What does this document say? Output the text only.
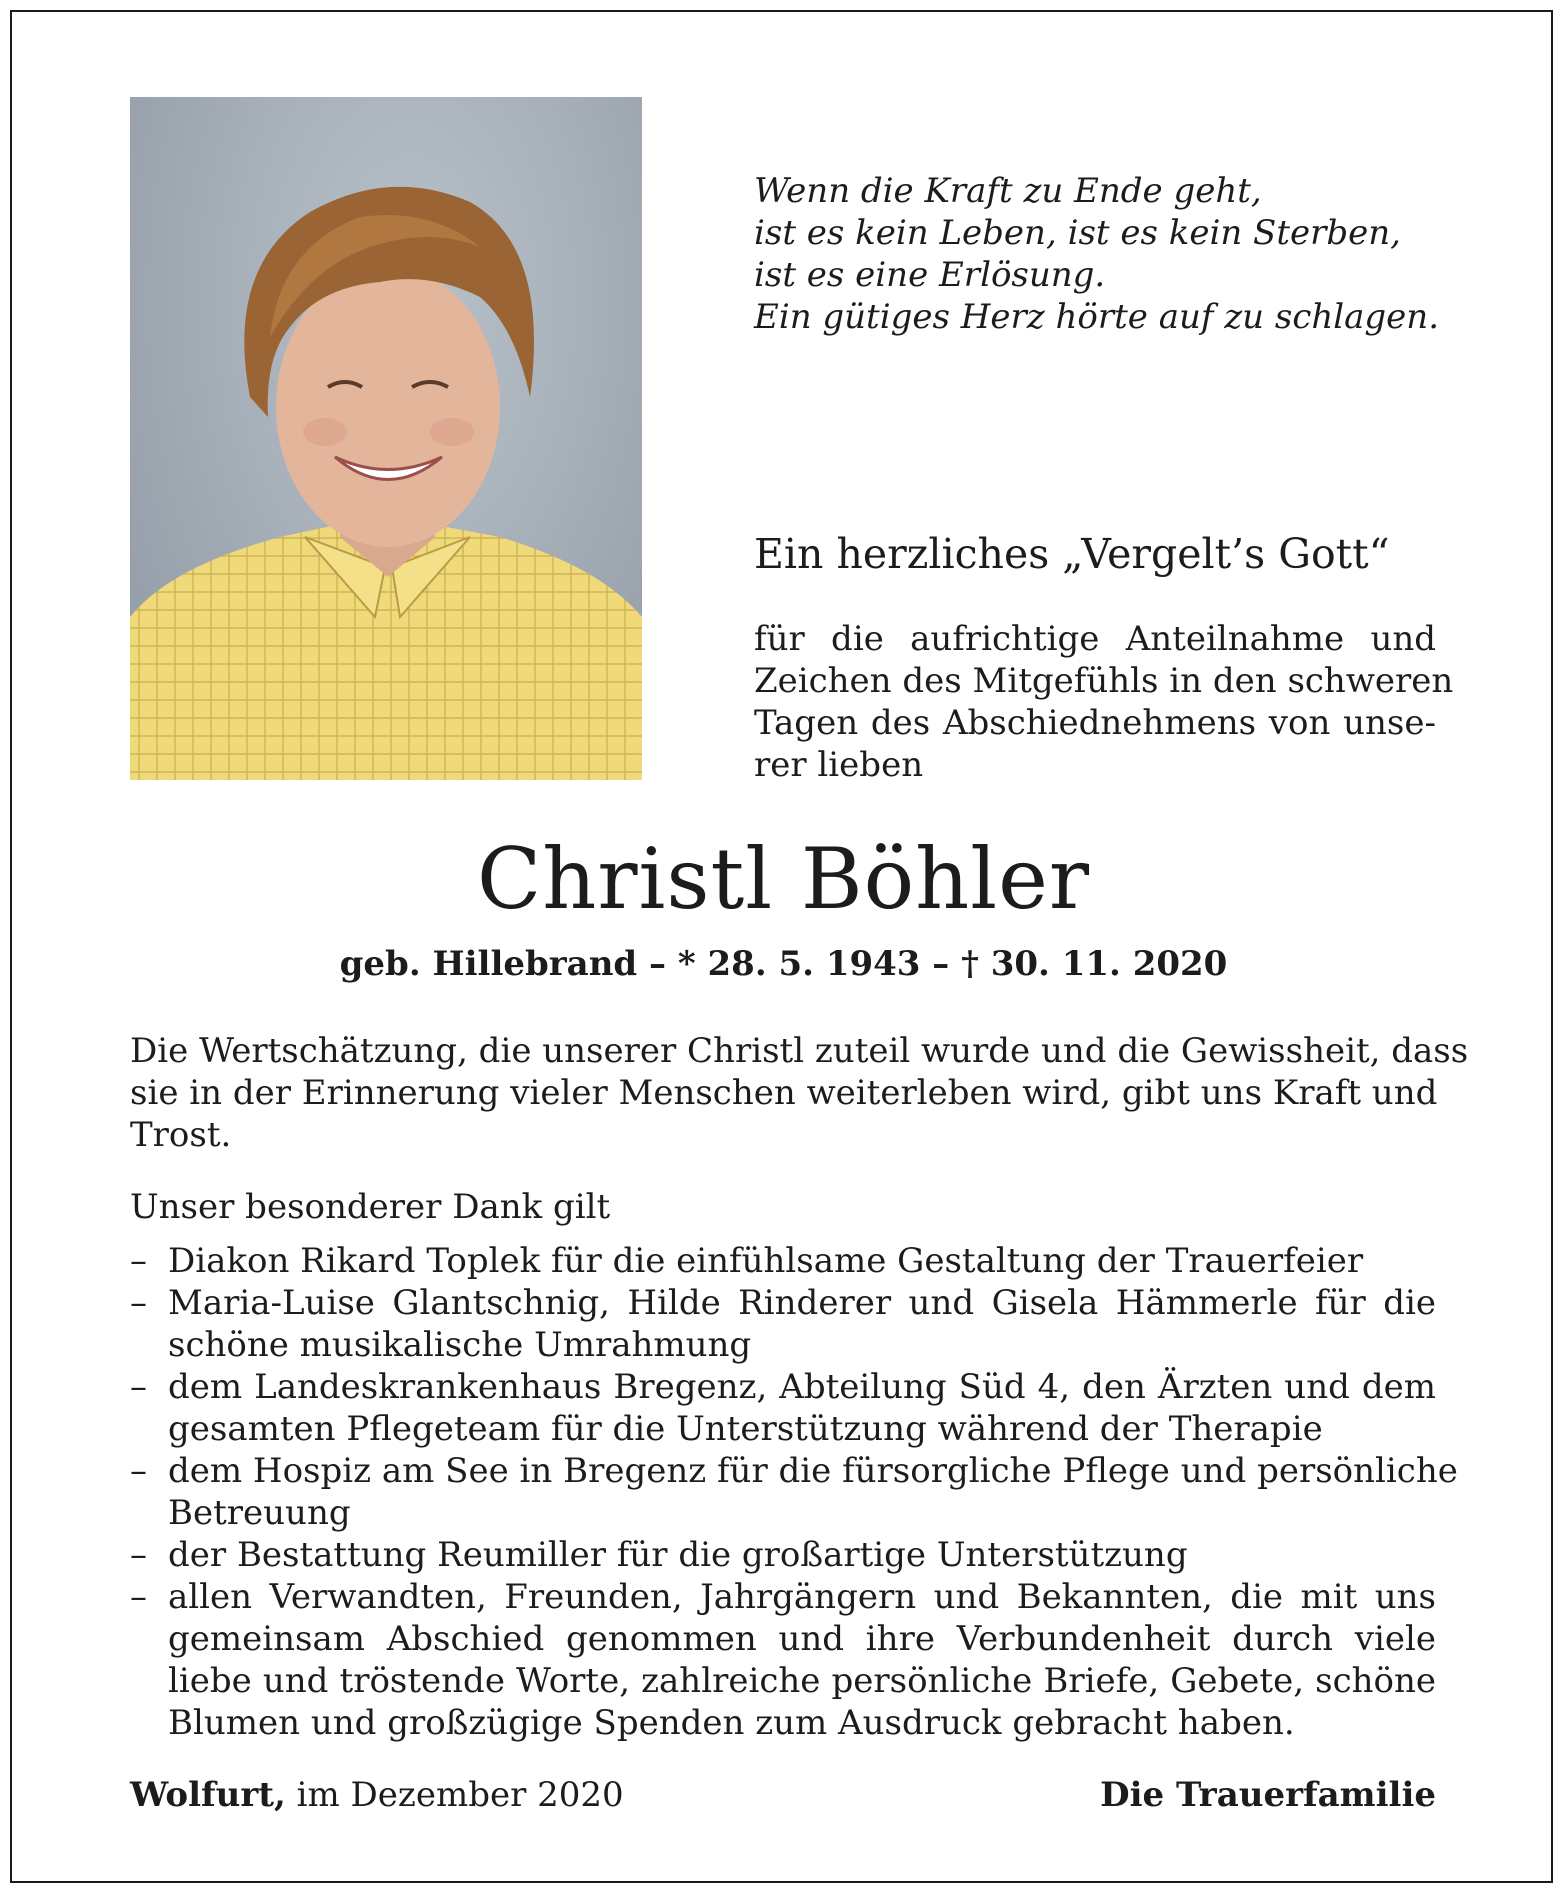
Wenn die Kraft zu Ende geht,
ist es kein Leben, ist es kein Sterben,
ist es eine Erlösung.
Ein gütiges Herz hörte auf zu schlagen.
Ein herzliches „Vergelt’s Gott“
für die aufrichtige Anteilnahme und
Zeichen des Mitgefühls in den schweren
Tagen des Abschiednehmens von unse-
rer lieben
Christl Böhler
geb. Hillebrand – * 28. 5. 1943 – † 30. 11. 2020
Die Wertschätzung, die unserer Christl zuteil wurde und die Gewissheit, dass
sie in der Erinnerung vieler Menschen weiterleben wird, gibt uns Kraft und
Trost.
Unser besonderer Dank gilt
– Diakon Rikard Toplek für die einfühlsame Gestaltung der Trauerfeier
– Maria-Luise Glantschnig, Hilde Rinderer und Gisela Hämmerle für die
schöne musikalische Umrahmung
– dem Landeskrankenhaus Bregenz, Abteilung Süd 4, den Ärzten und dem
gesamten Pflegeteam für die Unterstützung während der Therapie
– dem Hospiz am See in Bregenz für die fürsorgliche Pflege und persönliche
Betreuung
– der Bestattung Reumiller für die großartige Unterstützung
– allen Verwandten, Freunden, Jahrgängern und Bekannten, die mit uns
gemeinsam Abschied genommen und ihre Verbundenheit durch viele
liebe und tröstende Worte, zahlreiche persönliche Briefe, Gebete, schöne
Blumen und großzügige Spenden zum Ausdruck gebracht haben.
Wolfurt, im Dezember 2020	Die Trauerfamilie
